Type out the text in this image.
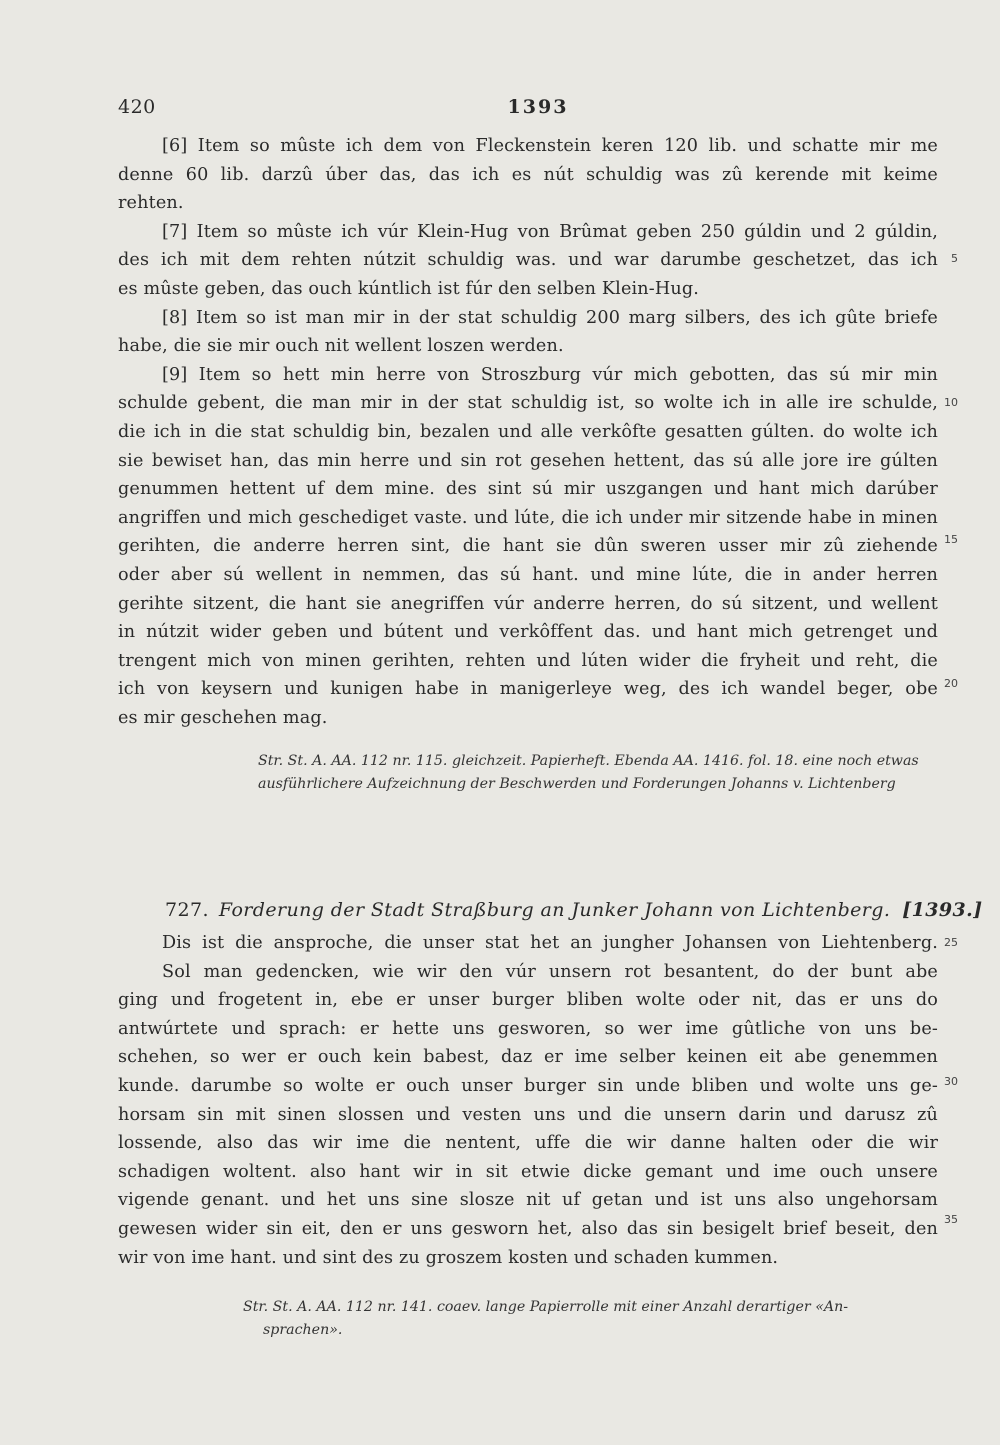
420	1393
[6] Item so mûste ich dem von Fleckenstein keren 120 lib. und schatte mir me
denne 60 lib. darzû úber das, das ich es nút schuldig was zû kerende mit keime
rehten.
[7] Item so mûste ich vúr Klein-Hug von Brûmat geben 250 gúldin und 2 gúldin,
des ich mit dem rehten nútzit schuldig was. und war darumbe geschetzet, das ich
es mûste geben, das ouch kúntlich ist fúr den selben Klein-Hug.
[8] Item so ist man mir in der stat schuldig 200 marg silbers, des ich gûte briefe
habe, die sie mir ouch nit wellent loszen werden.
[9] Item so hett min herre von Stroszburg vúr mich gebotten, das sú mir min
schulde gebent, die man mir in der stat schuldig ist, so wolte ich in alle ire schulde,
die ich in die stat schuldig bin, bezalen und alle verkôfte gesatten gúlten. do wolte ich
sie bewiset han, das min herre und sin rot gesehen hettent, das sú alle jore ire gúlten
genummen hettent uf dem mine. des sint sú mir uszgangen und hant mich darúber
angriffen und mich geschediget vaste. und lúte, die ich under mir sitzende habe in minen
gerihten, die anderre herren sint, die hant sie dûn sweren usser mir zû ziehende
oder aber sú wellent in nemmen, das sú hant. und mine lúte, die in ander herren
gerihte sitzent, die hant sie anegriffen vúr anderre herren, do sú sitzent, und wellent
in nútzit wider geben und bútent und verkôffent das. und hant mich getrenget und
trengent mich von minen gerihten, rehten und lúten wider die fryheit und reht, die
ich von keysern und kunigen habe in manigerleye weg, des ich wandel beger, obe
es mir geschehen mag.
5
10
15
20
Str. St. A. AA. 112 nr. 115. gleichzeit. Papierheft. Ebenda AA. 1416. fol. 18. eine noch etwas
ausführlichere Aufzeichnung der Beschwerden und Forderungen Johanns v. Lichtenberg
727. Forderung der Stadt Straßburg an Junker Johann von Lichtenberg. [1393.]
Dis ist die ansproche, die unser stat het an jungher Johansen von Liehtenberg.
Sol man gedencken, wie wir den vúr unsern rot besantent, do der bunt abe
ging und frogetent in, ebe er unser burger bliben wolte oder nit, das er uns do
antwúrtete und sprach: er hette uns gesworen, so wer ime gûtliche von uns be-
schehen, so wer er ouch kein babest, daz er ime selber keinen eit abe genemmen
kunde. darumbe so wolte er ouch unser burger sin unde bliben und wolte uns ge-
horsam sin mit sinen slossen und vesten uns und die unsern darin und darusz zû
lossende, also das wir ime die nentent, uffe die wir danne halten oder die wir
schadigen woltent. also hant wir in sit etwie dicke gemant und ime ouch unsere
vigende genant. und het uns sine slosze nit uf getan und ist uns also ungehorsam
gewesen wider sin eit, den er uns gesworn het, also das sin besigelt brief beseit, den
wir von ime hant. und sint des zu groszem kosten und schaden kummen.
25
30
35
Str. St. A. AA. 112 nr. 141. coaev. lange Papierrolle mit einer Anzahl derartiger «An-
sprachen».
